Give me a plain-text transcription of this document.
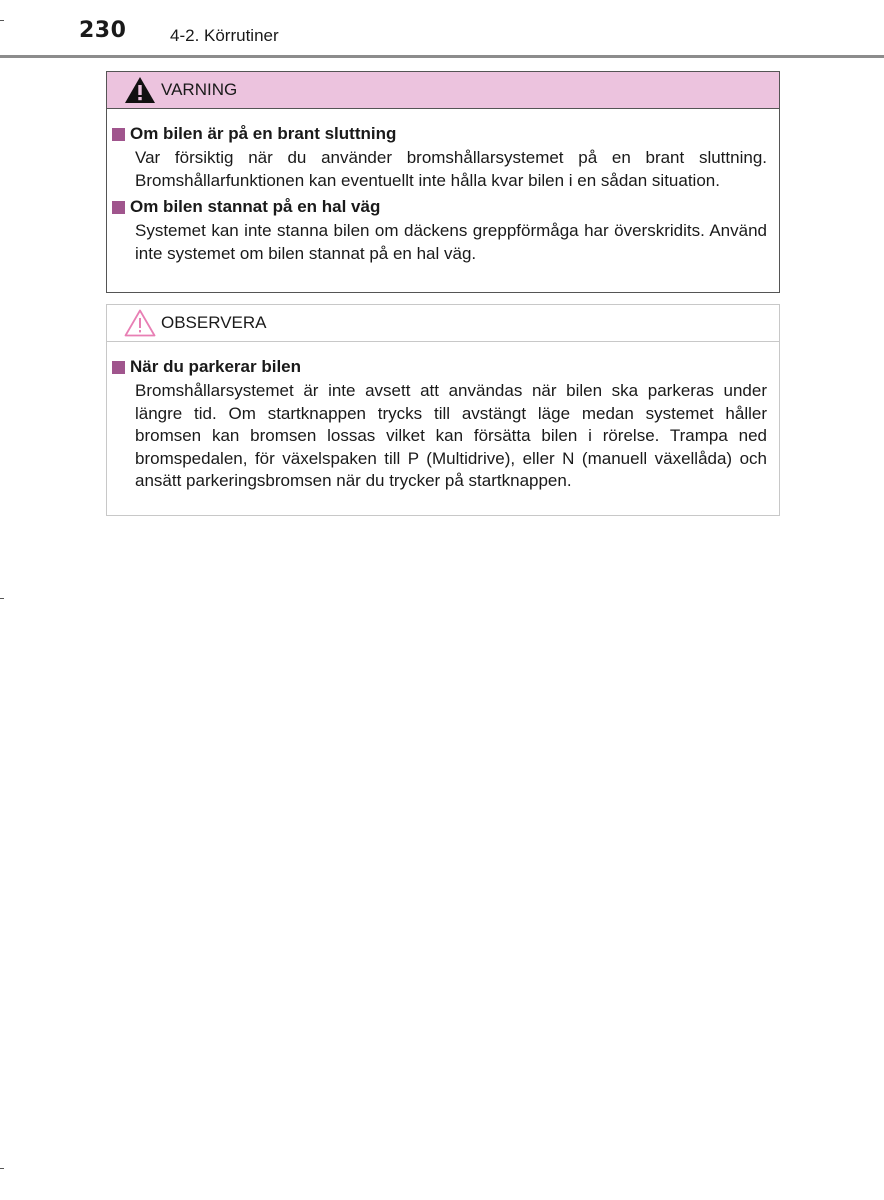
230	4-2. Körrutiner
VARNING
Om bilen är på en brant sluttning

Var försiktig när du använder bromshållarsystemet på en brant sluttning. Bromshållarfunktionen kan eventuellt inte hålla kvar bilen i en sådan situation.

Om bilen stannat på en hal väg

Systemet kan inte stanna bilen om däckens greppförmåga har överskridits. Använd inte systemet om bilen stannat på en hal väg.

OBSERVERA
När du parkerar bilen

Bromshållarsystemet är inte avsett att användas när bilen ska parkeras under längre tid. Om startknappen trycks till avstängt läge medan systemet håller bromsen kan bromsen lossas vilket kan försätta bilen i rörelse. Trampa ned bromspedalen, för växelspaken till P (Multidrive), eller N (manuell växellåda) och ansätt parkeringsbromsen när du trycker på startknappen.
